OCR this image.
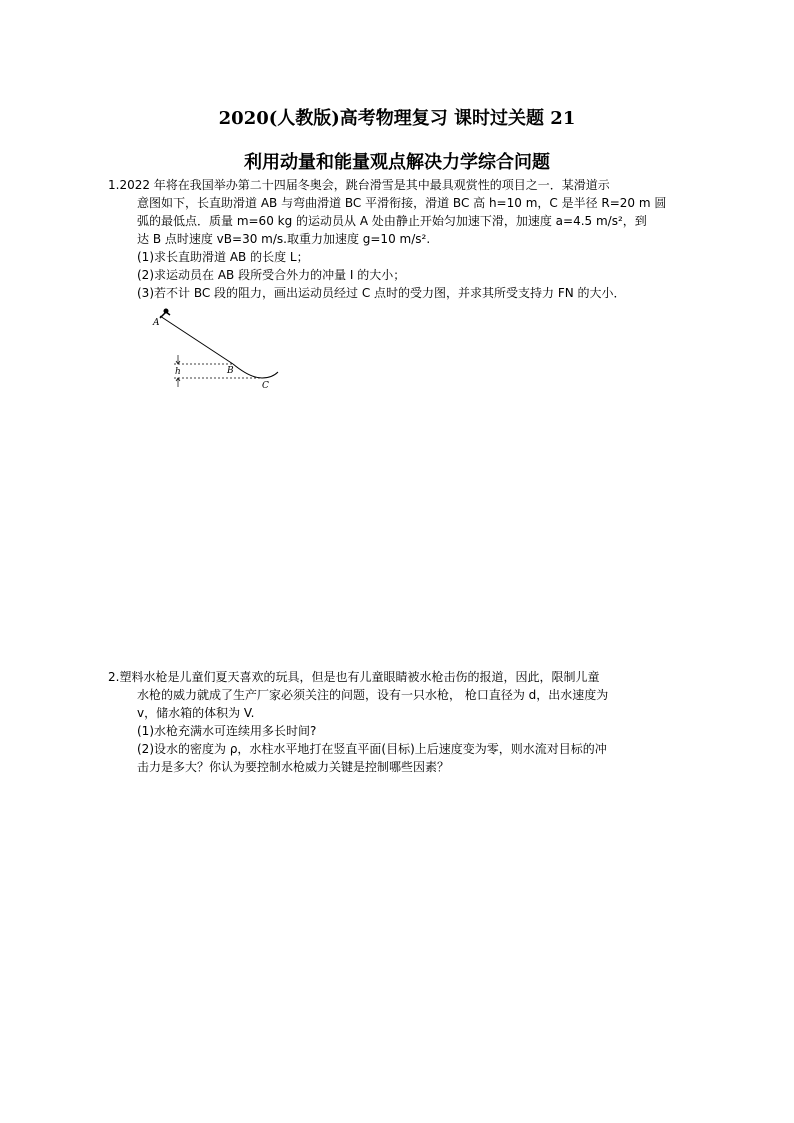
2020(人教版)高考物理复习 课时过关题 21
利用动量和能量观点解决力学综合问题

1.2022 年将在我国举办第二十四届冬奥会，跳台滑雪是其中最具观赏性的项目之一．某滑道示

意图如下，长直助滑道 AB 与弯曲滑道 BC 平滑衔接，滑道 BC 高 h=10 m，C 是半径 R=20 m 圆

弧的最低点．质量 m=60 kg 的运动员从 A 处由静止开始匀加速下滑，加速度 a=4.5 m/s²，到

达 B 点时速度 vB=30 m/s.取重力加速度 g=10 m/s².

(1)求长直助滑道 AB 的长度 L；

(2)求运动员在 AB 段所受合外力的冲量 I 的大小；

(3)若不计 BC 段的阻力，画出运动员经过 C 点时的受力图，并求其所受支持力 FN 的大小．

A
h	B
C

2.塑料水枪是儿童们夏天喜欢的玩具，但是也有儿童眼睛被水枪击伤的报道，因此，限制儿童

水枪的威力就成了生产厂家必须关注的问题，设有一只水枪， 枪口直径为 d，出水速度为

v，储水箱的体积为 V.

(1)水枪充满水可连续用多长时间?

(2)设水的密度为 ρ，水柱水平地打在竖直平面(目标)上后速度变为零，则水流对目标的冲

击力是多大？你认为要控制水枪威力关键是控制哪些因素？
